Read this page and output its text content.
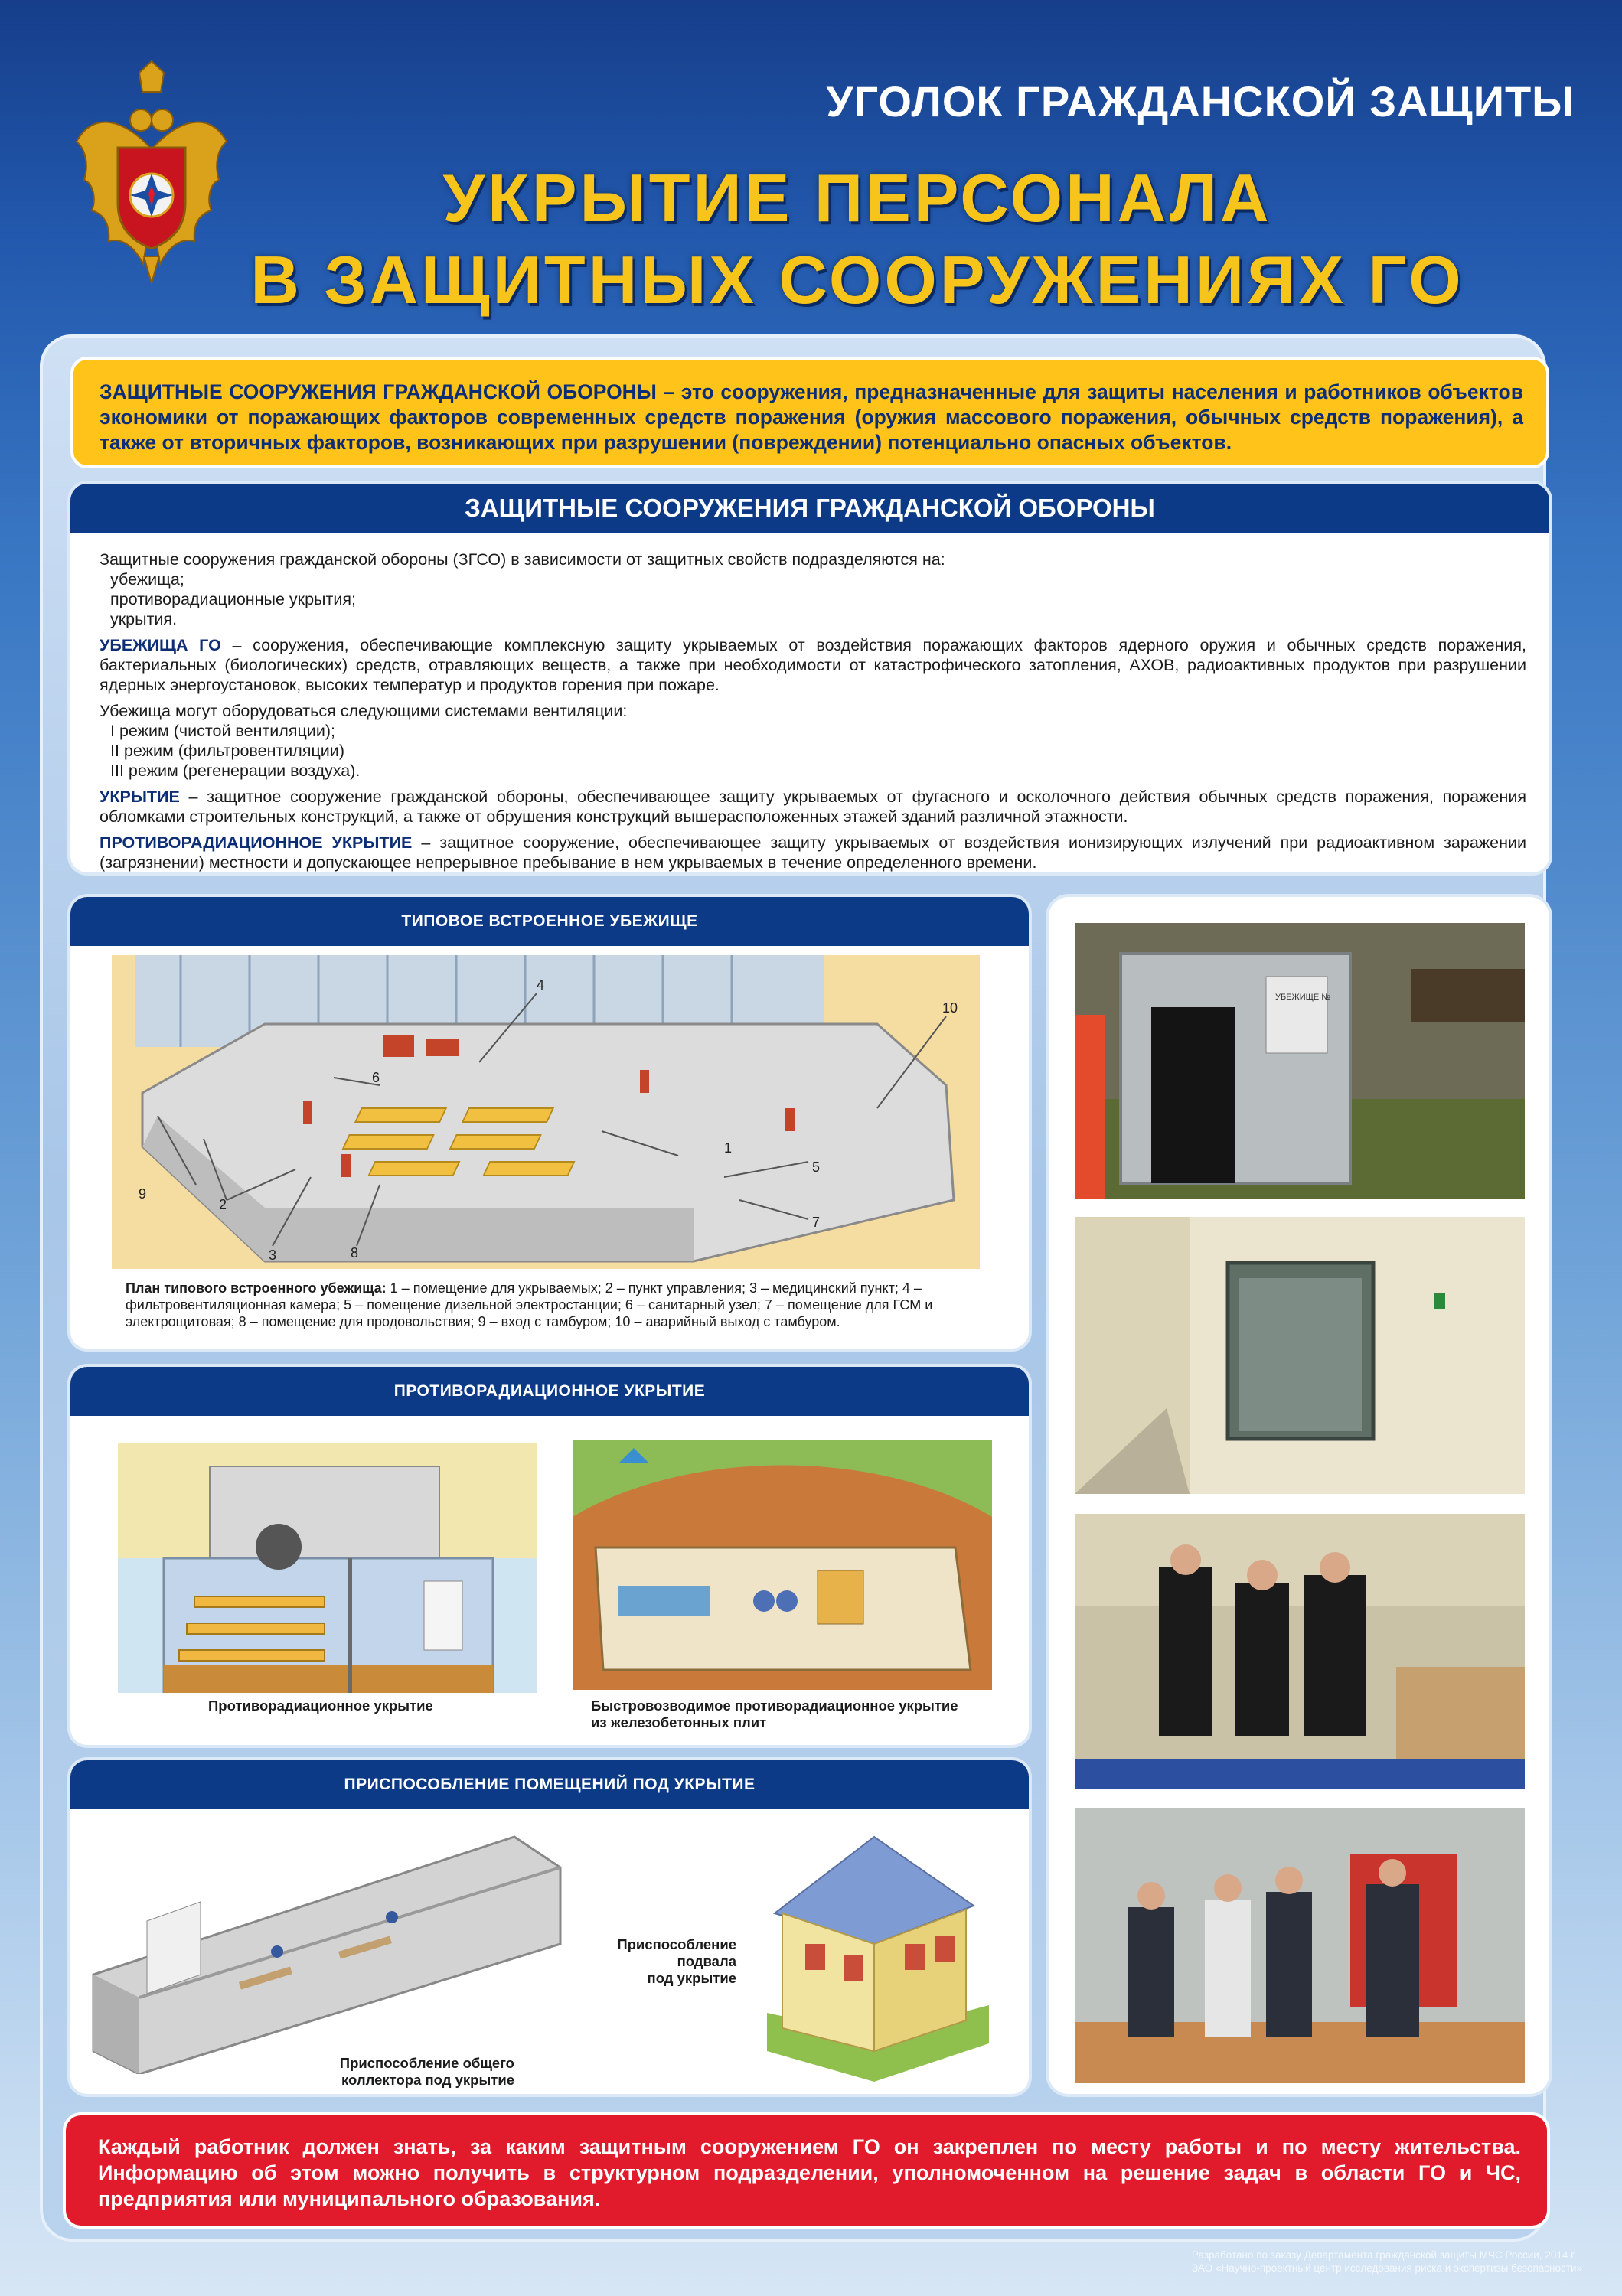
УГОЛОК ГРАЖДАНСКОЙ ЗАЩИТЫ
УКРЫТИЕ ПЕРСОНАЛА
В ЗАЩИТНЫХ СООРУЖЕНИЯХ ГО
ЗАЩИТНЫЕ СООРУЖЕНИЯ ГРАЖДАНСКОЙ ОБОРОНЫ – это сооружения, предназначенные для защиты населения и работников объектов экономики от поражающих факторов современных средств поражения (оружия массового поражения, обычных средств поражения), а также от вторичных факторов, возникающих при разрушении (повреждении) потенциально опасных объектов.
ЗАЩИТНЫЕ СООРУЖЕНИЯ ГРАЖДАНСКОЙ ОБОРОНЫ

Защитные сооружения гражданской обороны (ЗГСО) в зависимости от защитных свойств подразделяются на:
убежища;
противорадиационные укрытия;
укрытия.

УБЕЖИЩА ГО – сооружения, обеспечивающие комплексную защиту укрываемых от воздействия поражающих факторов ядерного оружия и обычных средств поражения, бактериальных (биологических) средств, отравляющих веществ, а также при необходимости от катастрофического затопления, АХОВ, радиоактивных продуктов при разрушении ядерных энергоустановок, высоких температур и продуктов горения при пожаре.

Убежища могут оборудоваться следующими системами вентиляции:
I режим (чистой вентиляции);
II режим (фильтровентиляции)
III режим (регенерации воздуха).

УКРЫТИЕ – защитное сооружение гражданской обороны, обеспечивающее защиту укрываемых от фугасного и осколочного действия обычных средств поражения, поражения обломками строительных конструкций, а также от обрушения конструкций вышерасположенных этажей зданий различной этажности.

ПРОТИВОРАДИАЦИОННОЕ УКРЫТИЕ – защитное сооружение, обеспечивающее защиту укрываемых от воздействия ионизирующих излучений при радиоактивном заражении (загрязнении) местности и допускающее непрерывное пребывание в нем укрываемых в течение определенного времени.

ТИПОВОЕ ВСТРОЕННОЕ УБЕЖИЩЕ
1
2
3
4
5
6
7
8
9
10
План типового встроенного убежища: 1 – помещение для укрываемых; 2 – пункт управления; 3 – медицинский пункт; 4 – фильтровентиляционная камера; 5 – помещение дизельной электростанции; 6 – санитарный узел; 7 – помещение для ГСМ и электрощитовая; 8 – помещение для продовольствия; 9 – вход с тамбуром; 10 – аварийный выход с тамбуром.
ПРОТИВОРАДИАЦИОННОЕ УКРЫТИЕ
Противорадиационное укрытие	Быстровозводимое противорадиационное укрытие
из железобетонных плит
ПРИСПОСОБЛЕНИЕ ПОМЕЩЕНИЙ ПОД УКРЫТИЕ
Приспособление подвала
под укрытие
Приспособление общего
коллектора под укрытие
УБЕЖИЩЕ №
Каждый работник должен знать, за каким защитным сооружением ГО он закреплен по месту работы и по месту жительства. Информацию об этом можно получить в структурном подразделении, уполномоченном на решение задач в области ГО и ЧС, предприятия или муниципального образования.
Разработано по заказу Департамента гражданской защиты МЧС России, 2014 г.
ЗАО «Научно-проектный центр исследования риска и экспертизы безопасности»
